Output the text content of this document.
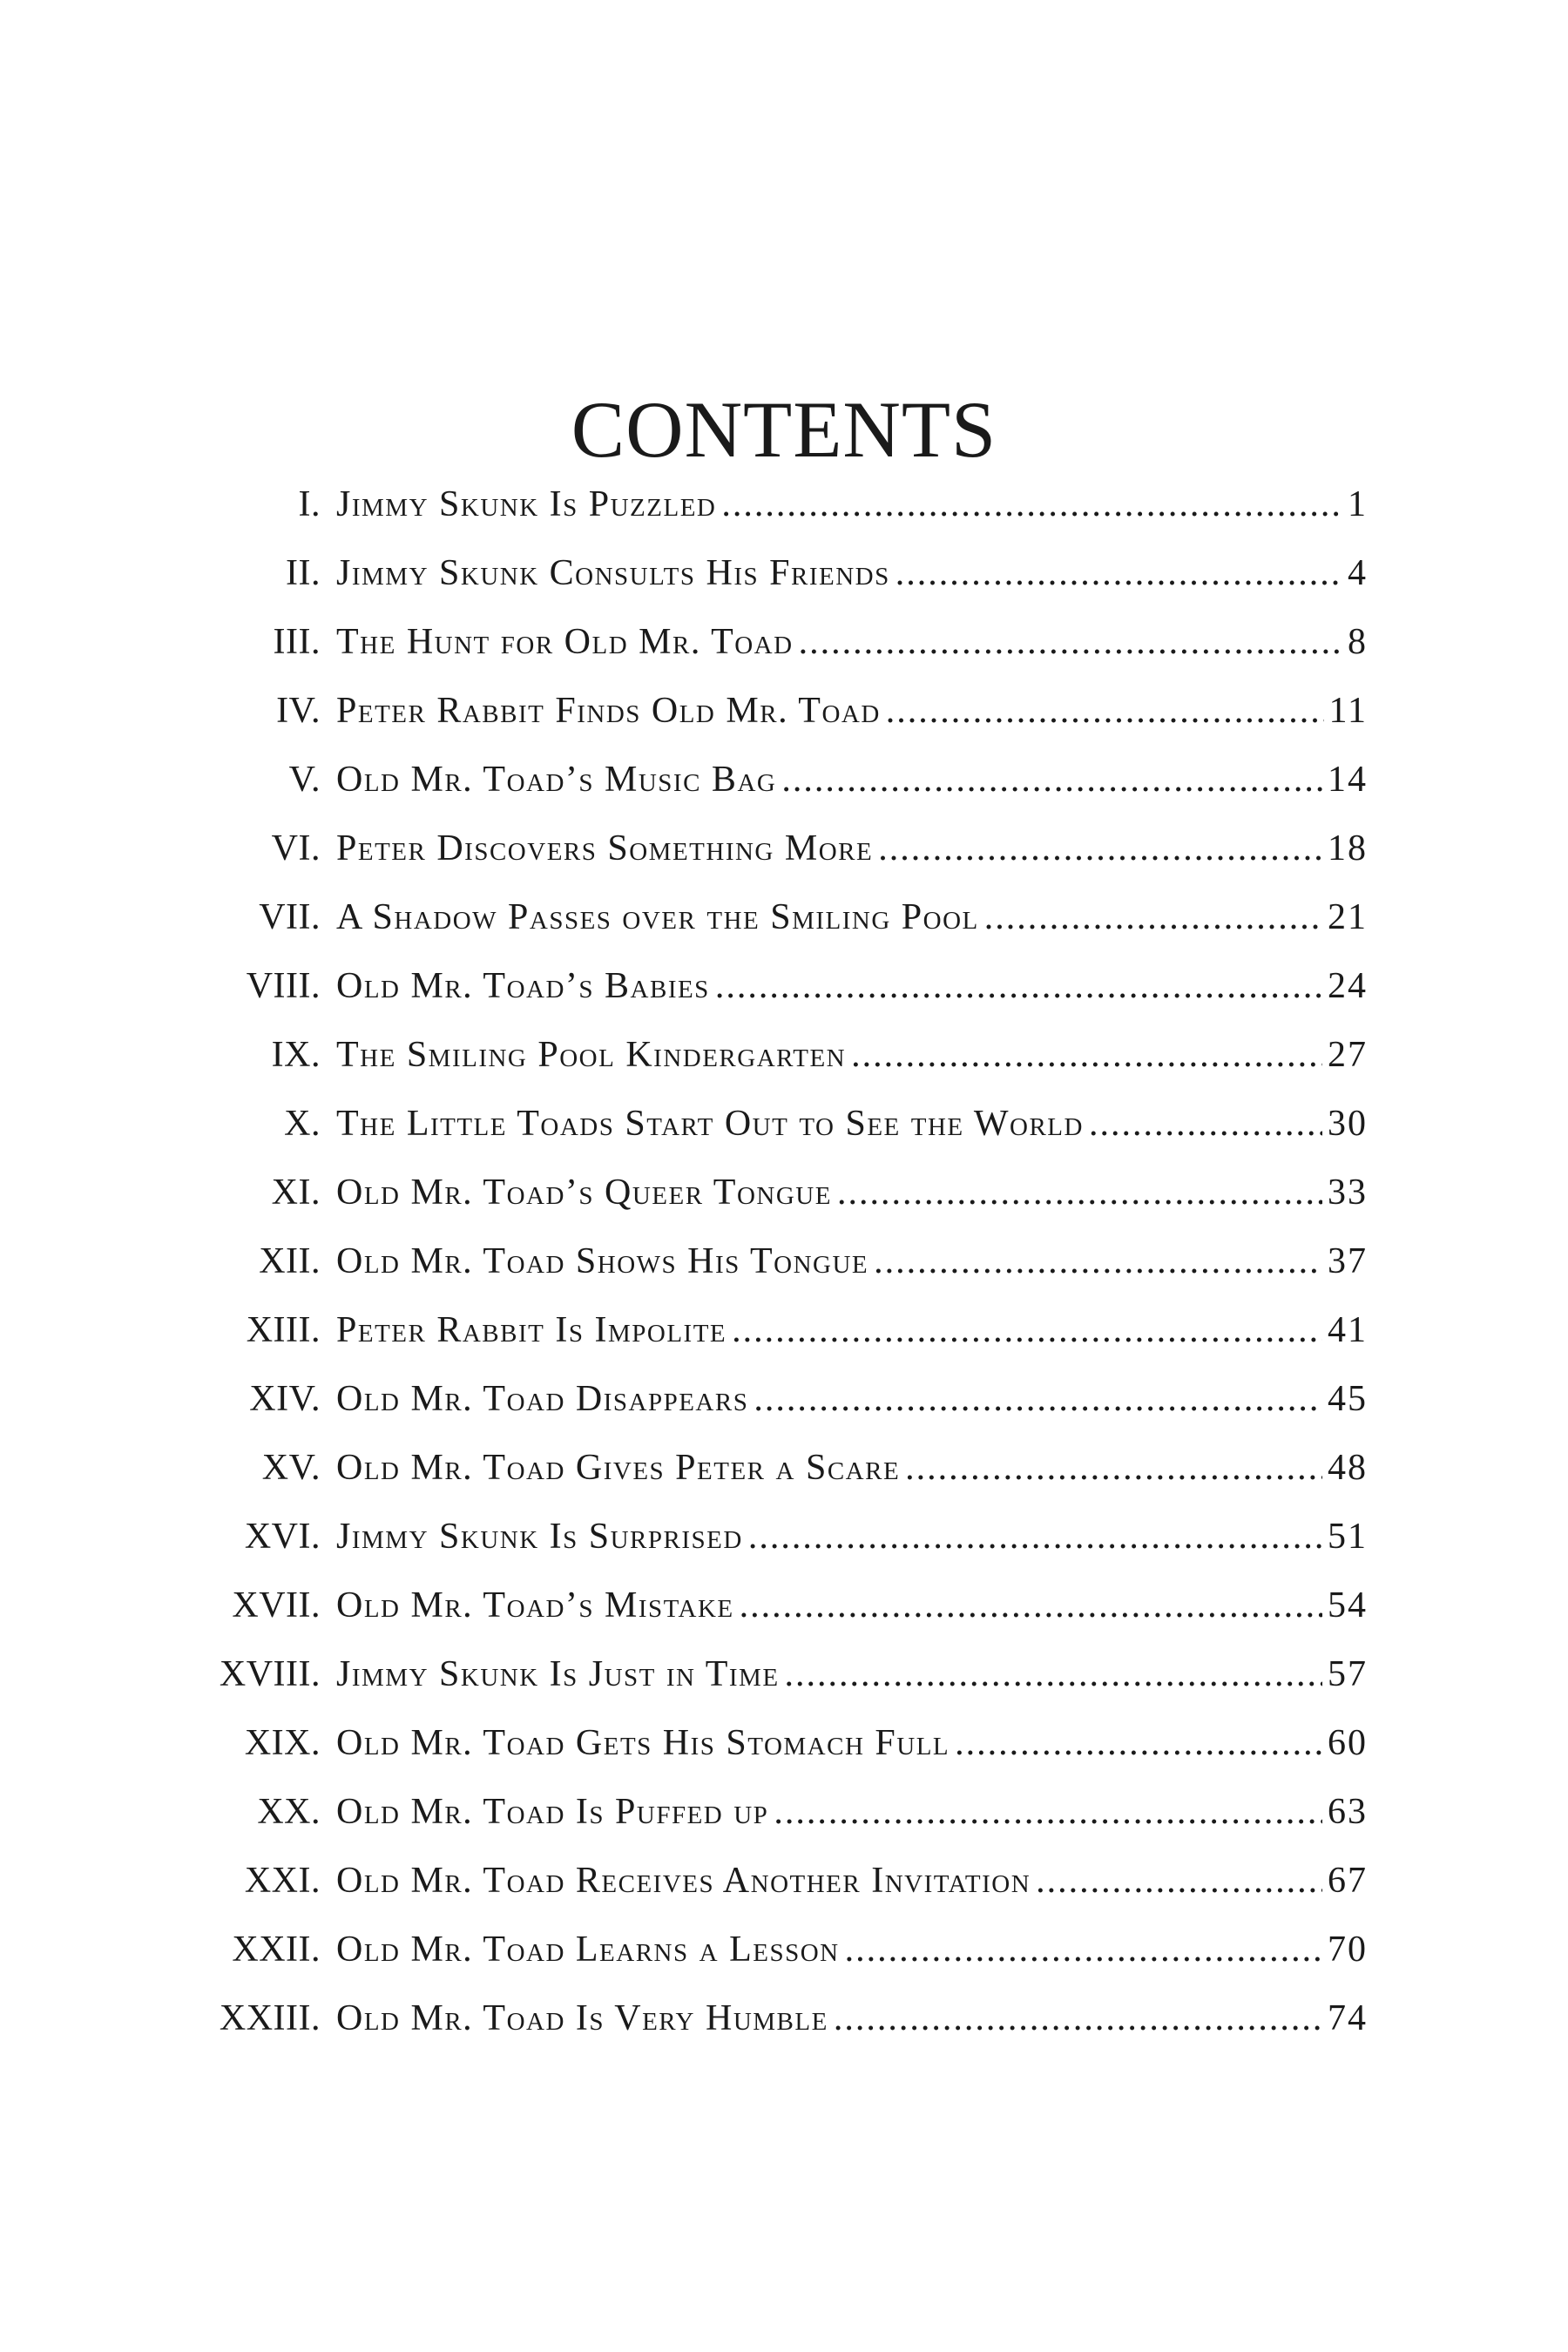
CONTENTS
I. Jimmy Skunk Is Puzzled .....	1
II. Jimmy Skunk Consults His Friends .....	4
III. The Hunt for Old Mr. Toad .....	8
IV. Peter Rabbit Finds Old Mr. Toad .....	11
V. Old Mr. Toad’s Music Bag .....	14
VI. Peter Discovers Something More .....	18
VII. A Shadow Passes over the Smiling Pool .....	21
VIII. Old Mr. Toad’s Babies .....	24
IX. The Smiling Pool Kindergarten .....	27
X. The Little Toads Start Out to See the World .....	30
XI. Old Mr. Toad’s Queer Tongue .....	33
XII. Old Mr. Toad Shows His Tongue .....	37
XIII. Peter Rabbit Is Impolite .....	41
XIV. Old Mr. Toad Disappears .....	45
XV. Old Mr. Toad Gives Peter a Scare .....	48
XVI. Jimmy Skunk Is Surprised .....	51
XVII. Old Mr. Toad’s Mistake .....	54
XVIII. Jimmy Skunk Is Just in Time .....	57
XIX. Old Mr. Toad Gets His Stomach Full .....	60
XX. Old Mr. Toad Is Puffed up .....	63
XXI. Old Mr. Toad Receives Another Invitation .....	67
XXII. Old Mr. Toad Learns a Lesson .....	70
XXIII. Old Mr. Toad Is Very Humble .....	74
